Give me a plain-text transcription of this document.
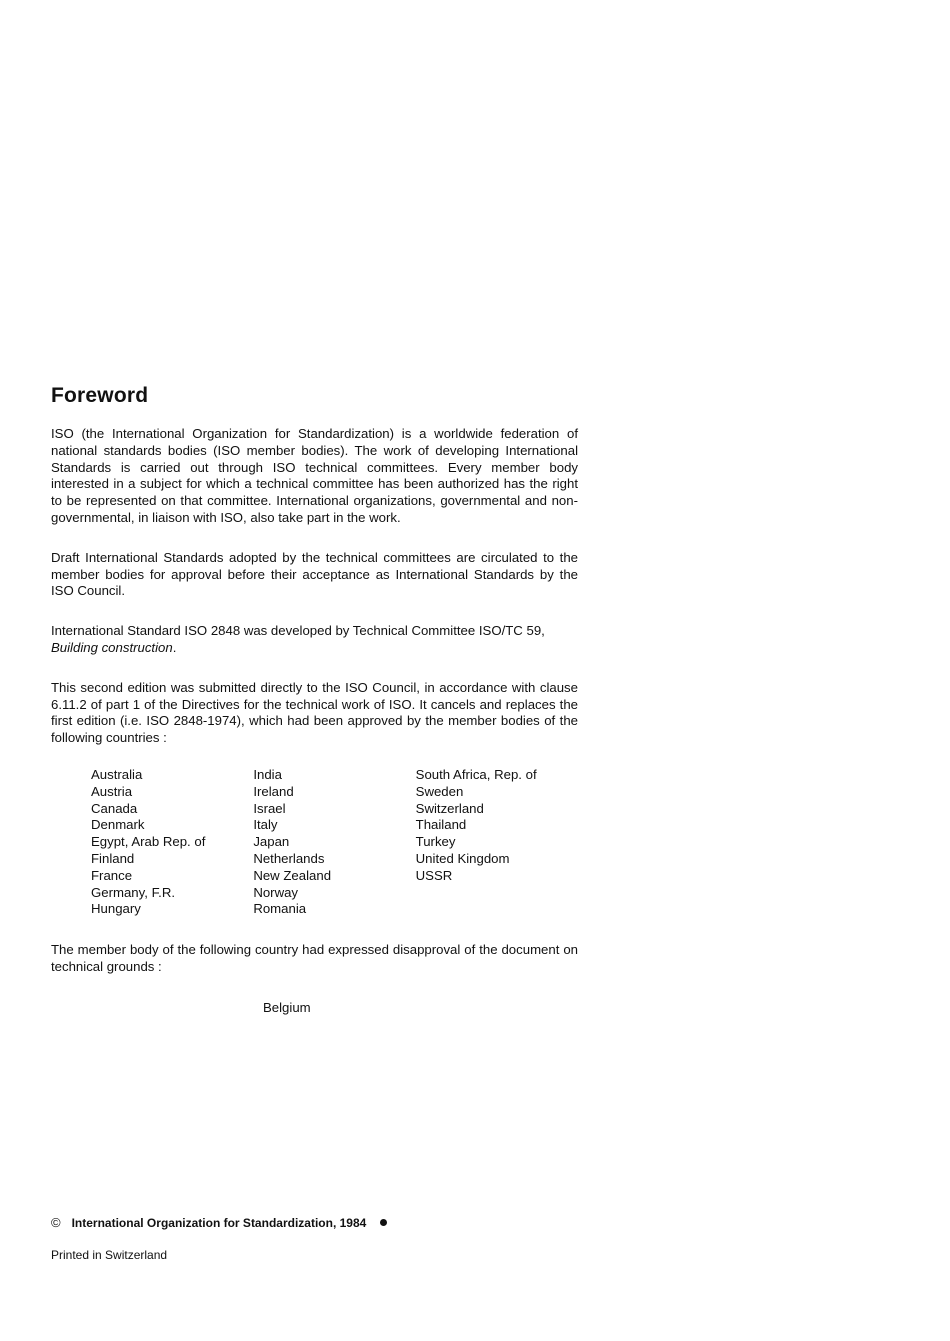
Foreword

ISO (the International Organization for Standardization) is a worldwide federation of national standards bodies (ISO member bodies). The work of developing International Standards is carried out through ISO technical committees. Every member body interested in a subject for which a technical committee has been authorized has the right to be represented on that committee. International organizations, governmental and non-governmental, in liaison with ISO, also take part in the work.

Draft International Standards adopted by the technical committees are circulated to the member bodies for approval before their acceptance as International Standards by the ISO Council.

International Standard ISO 2848 was developed by Technical Committee ISO/TC 59,
Building construction.

This second edition was submitted directly to the ISO Council, in accordance with clause 6.11.2 of part 1 of the Directives for the technical work of ISO. It cancels and replaces the first edition (i.e. ISO 2848-1974), which had been approved by the member bodies of the following countries :

Australia
Austria
Canada
Denmark
Egypt, Arab Rep. of
Finland
France
Germany, F.R.
Hungary
India
Ireland
Israel
Italy
Japan
Netherlands
New Zealand
Norway
Romania
South Africa, Rep. of
Sweden
Switzerland
Thailand
Turkey
United Kingdom
USSR

The member body of the following country had expressed disapproval of the document on technical grounds :

Belgium
© International Organization for Standardization, 1984
Printed in Switzerland
